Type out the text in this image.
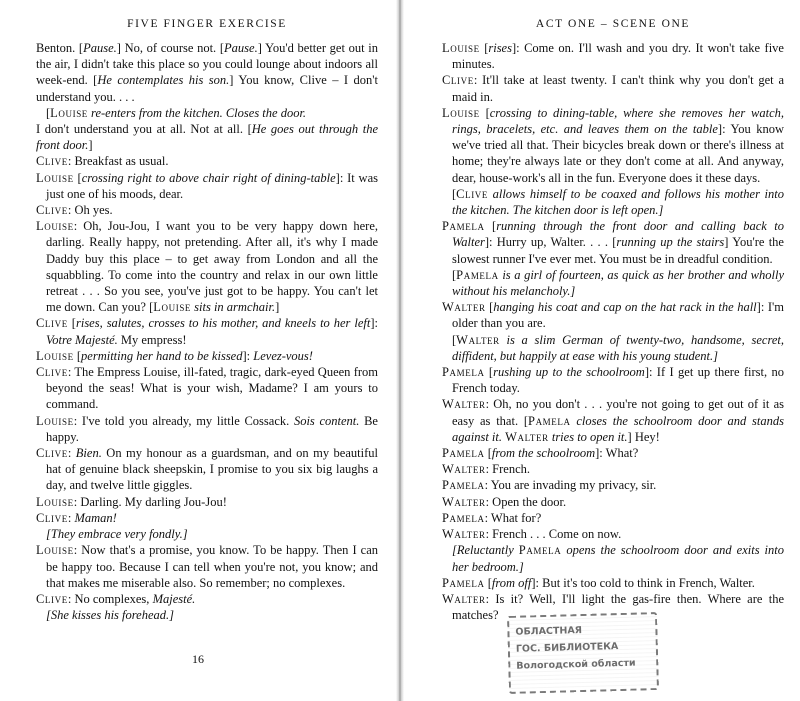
FIVE FINGER EXERCISE

Benton. [Pause.] No, of course not. [Pause.] You'd better get out in the air, I didn't take this place so you could lounge about indoors all week-end. [He contemplates his son.] You know, Clive – I don't understand you. . . .

[Louise re-enters from the kitchen. Closes the door.

I don't understand you at all. Not at all. [He goes out through the front door.]

Clive: Breakfast as usual.

Louise [crossing right to above chair right of dining-table]: It was just one of his moods, dear.

Clive: Oh yes.

Louise: Oh, Jou-Jou, I want you to be very happy down here, darling. Really happy, not pretending. After all, it's why I made Daddy buy this place – to get away from London and all the squabbling. To come into the country and relax in our own little retreat . . . So you see, you've just got to be happy. You can't let me down. Can you? [Louise sits in armchair.]

Clive [rises, salutes, crosses to his mother, and kneels to her left]: Votre Majesté. My empress!

Louise [permitting her hand to be kissed]: Levez-vous!

Clive: The Empress Louise, ill-fated, tragic, dark-eyed Queen from beyond the seas! What is your wish, Madame? I am yours to command.

Louise: I've told you already, my little Cossack. Sois content. Be happy.

Clive: Bien. On my honour as a guardsman, and on my beautiful hat of genuine black sheepskin, I promise to you six big laughs a day, and twelve little giggles.

Louise: Darling. My darling Jou-Jou!

Clive: Maman!

[They embrace very fondly.]

Louise: Now that's a promise, you know. To be happy. Then I can be happy too. Because I can tell when you're not, you know; and that makes me miserable also. So remember; no complexes.

Clive: No complexes, Majesté.

[She kisses his forehead.]

16
ACT ONE – SCENE ONE

Louise [rises]: Come on. I'll wash and you dry. It won't take five minutes.

Clive: It'll take at least twenty. I can't think why you don't get a maid in.

Louise [crossing to dining-table, where she removes her watch, rings, bracelets, etc. and leaves them on the table]: You know we've tried all that. Their bicycles break down or there's illness at home; they're always late or they don't come at all. And anyway, dear, house-work's all in the fun. Everyone does it these days.

[Clive allows himself to be coaxed and follows his mother into the kitchen. The kitchen door is left open.]

Pamela [running through the front door and calling back to Walter]: Hurry up, Walter. . . . [running up the stairs] You're the slowest runner I've ever met. You must be in dreadful condition.

[Pamela is a girl of fourteen, as quick as her brother and wholly without his melancholy.]

Walter [hanging his coat and cap on the hat rack in the hall]: I'm older than you are.

[Walter is a slim German of twenty-two, handsome, secret, diffident, but happily at ease with his young student.]

Pamela [rushing up to the schoolroom]: If I get up there first, no French today.

Walter: Oh, no you don't . . . you're not going to get out of it as easy as that. [Pamela closes the schoolroom door and stands against it. Walter tries to open it.] Hey!

Pamela [from the schoolroom]: What?

Walter: French.

Pamela: You are invading my privacy, sir.

Walter: Open the door.

Pamela: What for?

Walter: French . . . Come on now.

[Reluctantly Pamela opens the schoolroom door and exits into her bedroom.]

Pamela [from off]: But it's too cold to think in French, Walter.

Walter: Is it? Well, I'll light the gas-fire then. Where are the matches?

ОБЛАСТНАЯ
ГОС. БИБЛИОТЕКА
Вологодской области
